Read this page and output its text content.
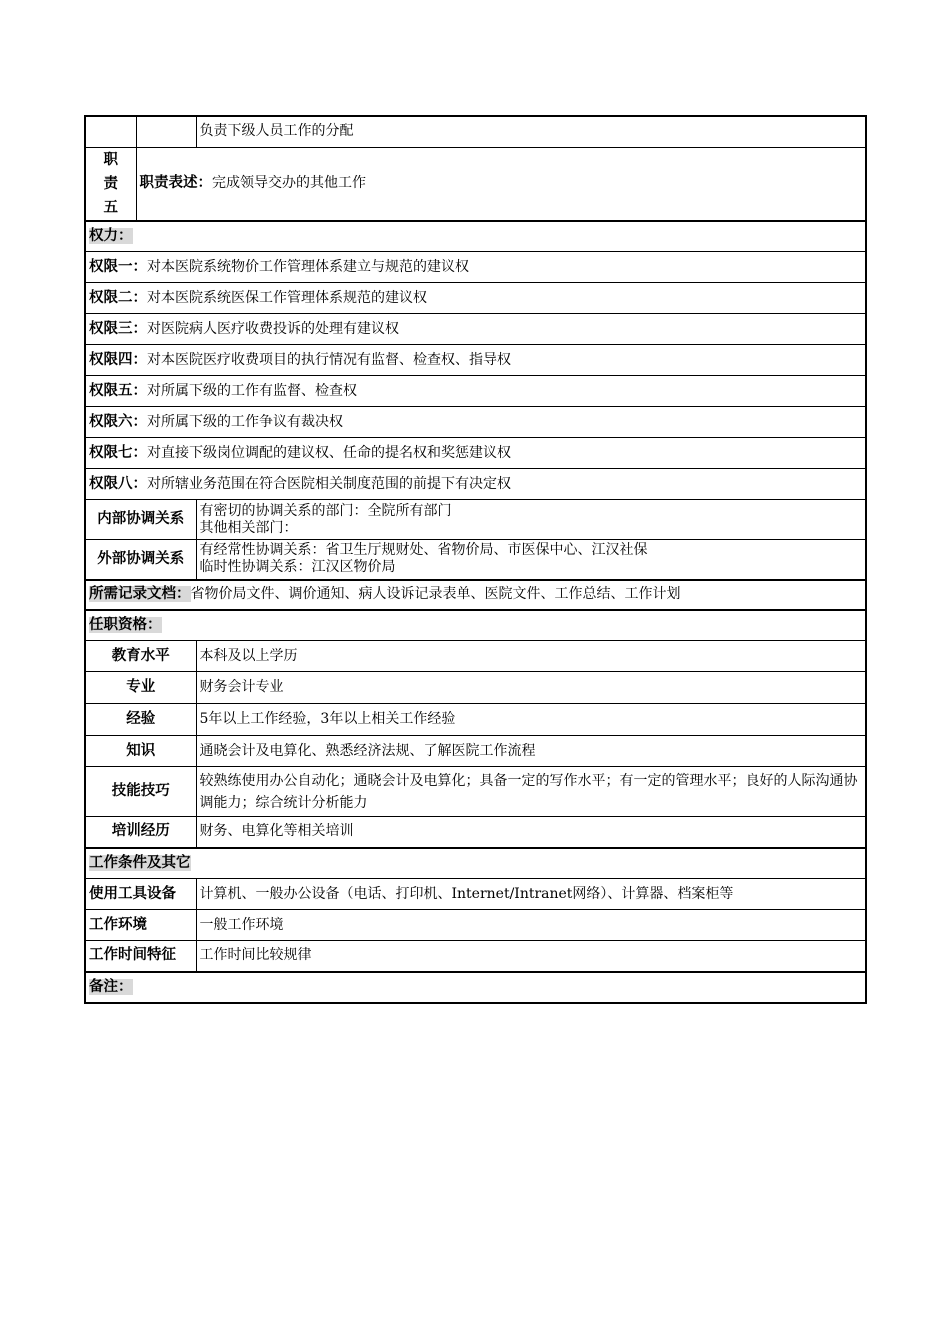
		负责下级人员工作的分配

职
责
五	职责表述：完成领导交办的其他工作	
权力：		
权限一：对本医院系统物价工作管理体系建立与规范的建议权		
权限二：对本医院系统医保工作管理体系规范的建议权		
权限三：对医院病人医疗收费投诉的处理有建议权		
权限四：对本医院医疗收费项目的执行情况有监督、检查权、指导权		
权限五：对所属下级的工作有监督、检查权		
权限六：对所属下级的工作争议有裁决权		
权限七：对直接下级岗位调配的建议权、任命的提名权和奖惩建议权		
权限八：对所辖业务范围在符合医院相关制度范围的前提下有决定权		
内部协调关系		有密切的协调关系的部门：全院所有部门
其他相关部门：

外部协调关系		有经常性协调关系：省卫生厅规财处、省物价局、市医保中心、江汉社保
临时性协调关系：江汉区物价局

所需记录文档：省物价局文件、调价通知、病人设诉记录表单、医院文件、工作总结、工作计划		
任职资格：		
教育水平		本科及以上学历
专业		财务会计专业
经验		5年以上工作经验，3年以上相关工作经验
知识		通晓会计及电算化、熟悉经济法规、了解医院工作流程
技能技巧		较熟练使用办公自动化；通晓会计及电算化；具备一定的写作水平；有一定的管理水平；良好的人际沟通协调能力；综合统计分析能力
培训经历		财务、电算化等相关培训
工作条件及其它		
使用工具设备		计算机、一般办公设备（电话、打印机、Internet/Intranet网络）、计算器、档案柜等
工作环境		一般工作环境
工作时间特征		工作时间比较规律
备注：		
